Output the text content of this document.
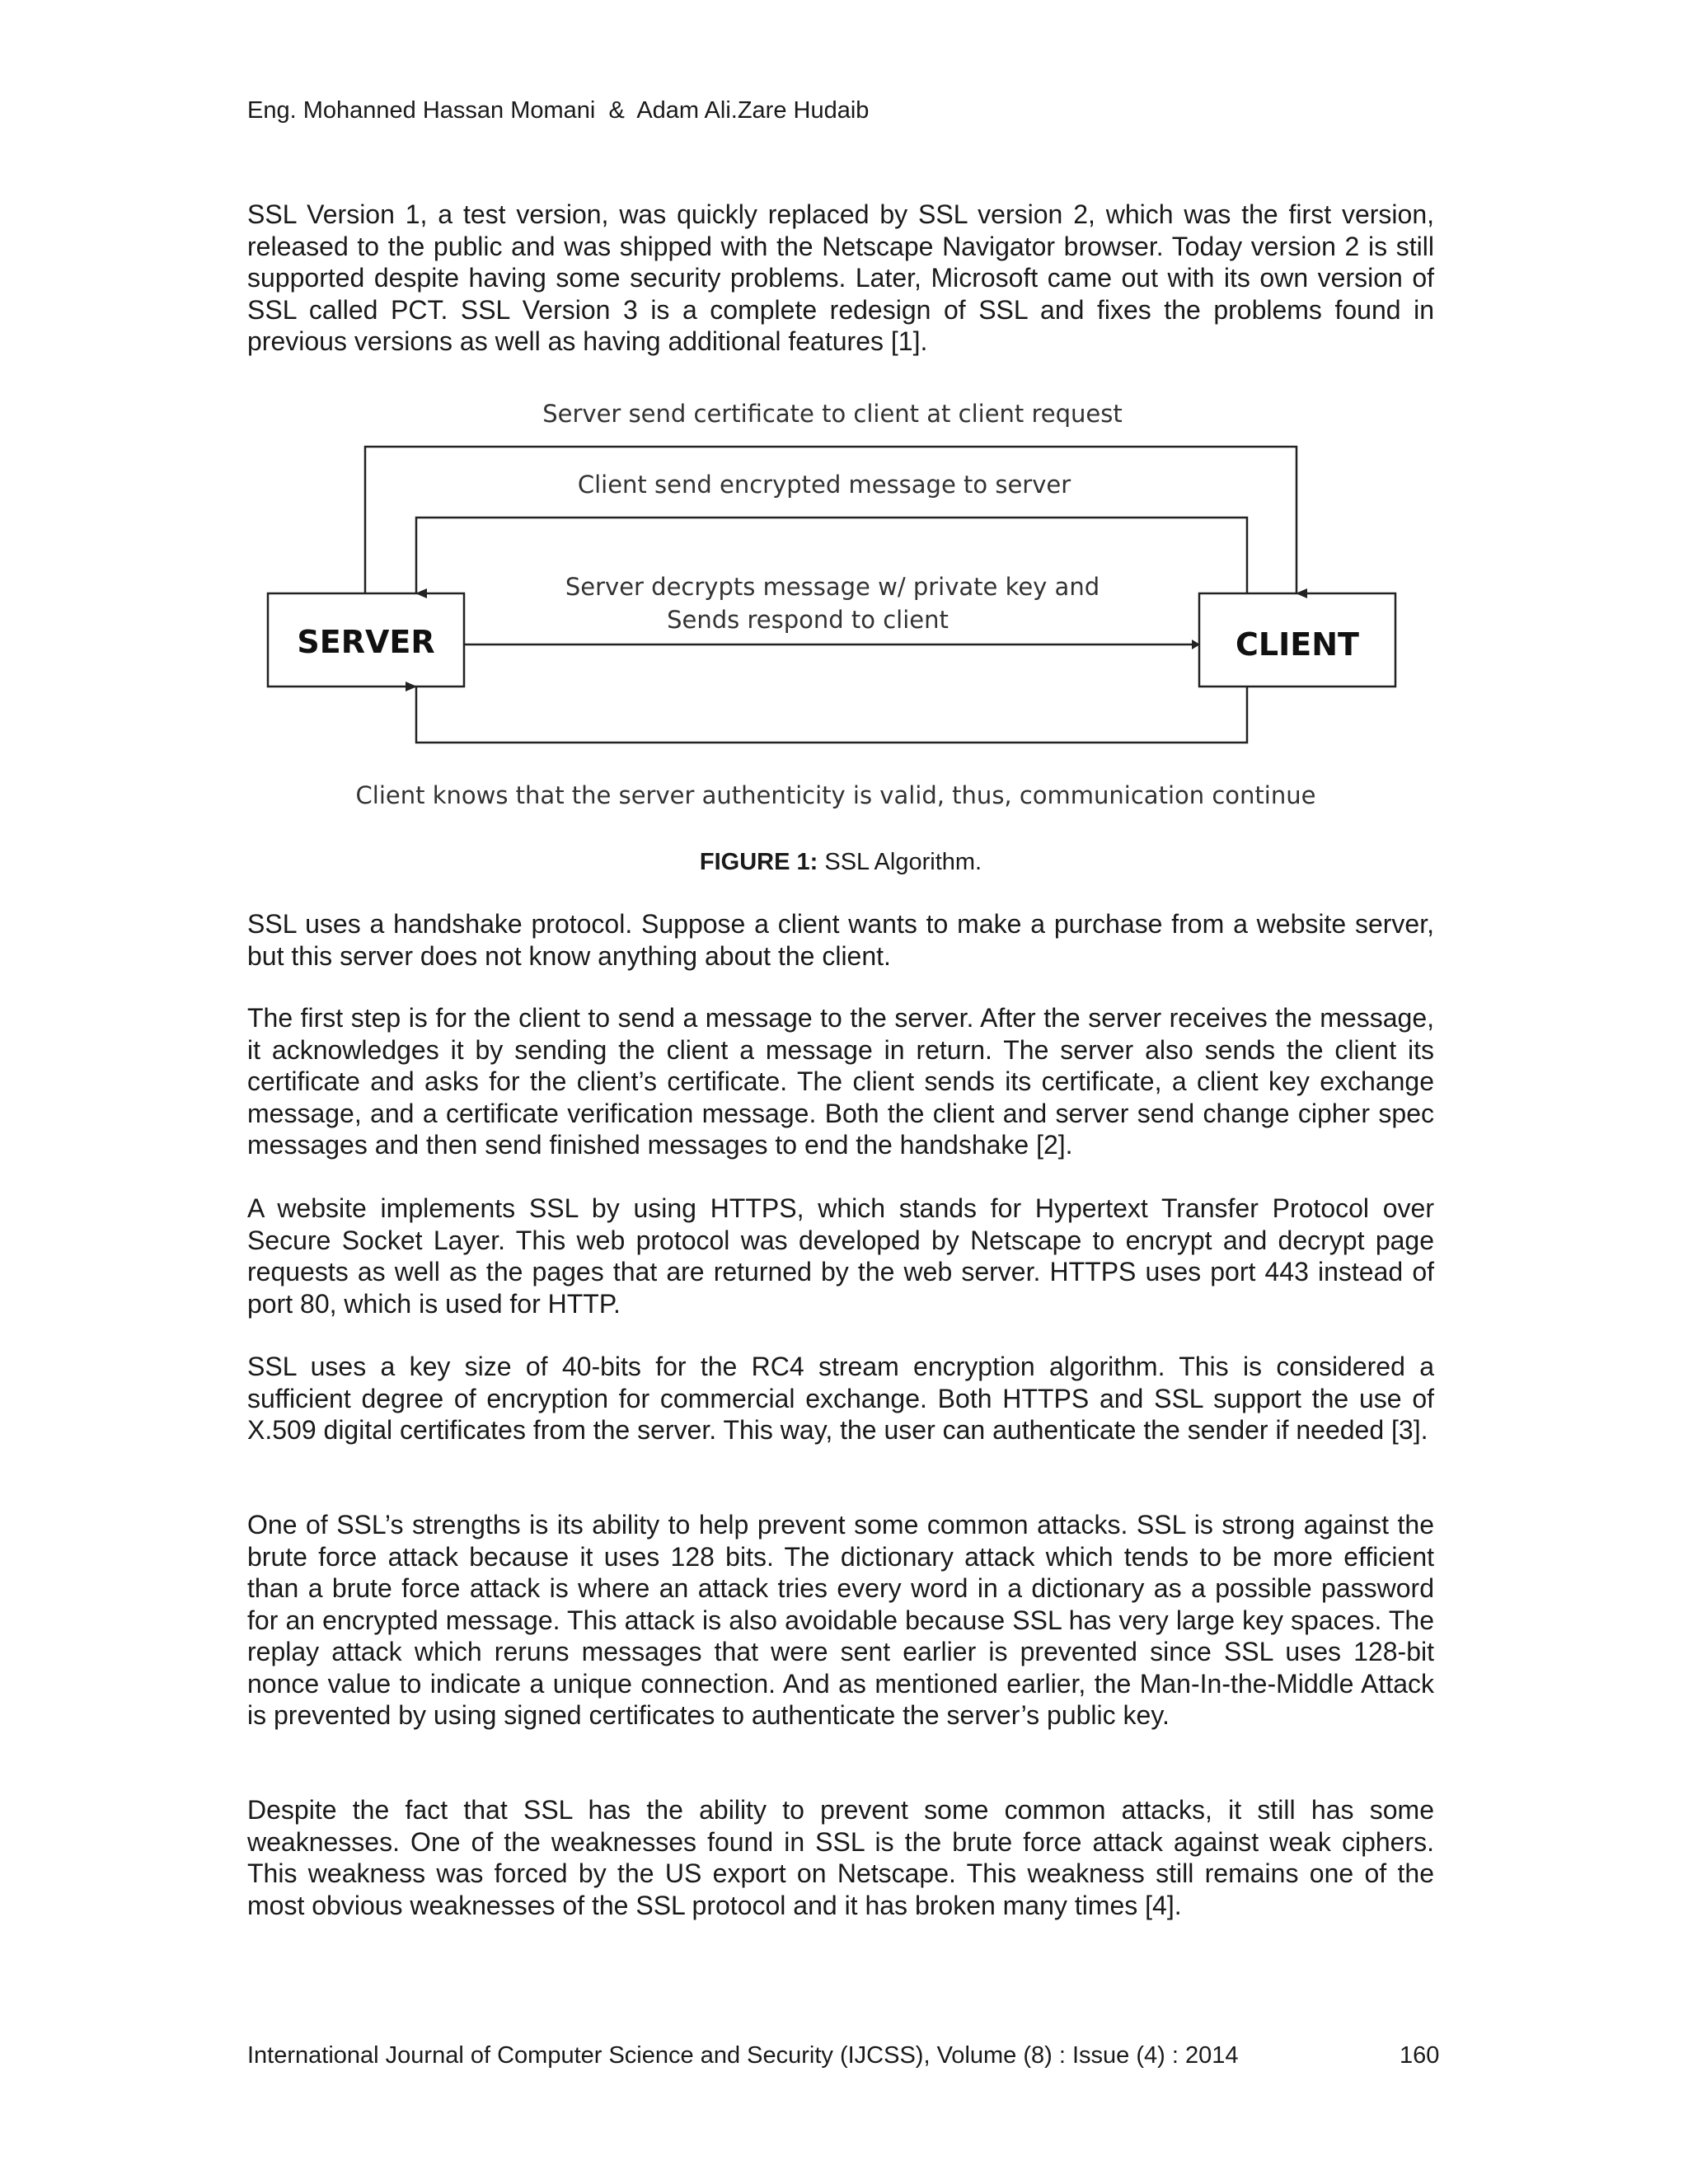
Eng. Mohanned Hassan Momani  &  Adam Ali.Zare Hudaib

SSL Version 1, a test version, was quickly replaced by SSL version 2, which was the first version, released to the public and was shipped with the Netscape Navigator browser. Today version 2 is still supported despite having some security problems. Later, Microsoft came out with its own version of SSL called PCT. SSL Version 3 is a complete redesign of SSL and fixes the problems found in previous versions as well as having additional features [1].

SERVER	CLIENT
Server send certificate to client at client request
Client send encrypted message to server
Server decrypts message w/ private key and
Sends respond to client
Client knows that the server authenticity is valid, thus, communication continue
FIGURE 1: SSL Algorithm.

SSL uses a handshake protocol. Suppose a client wants to make a purchase from a website server, but this server does not know anything about the client.

The first step is for the client to send a message to the server. After the server receives the message, it acknowledges it by sending the client a message in return. The server also sends the client its certificate and asks for the client’s certificate. The client sends its certificate, a client key exchange message, and a certificate verification message. Both the client and server send change cipher spec messages and then send finished messages to end the handshake [2].

A website implements SSL by using HTTPS, which stands for Hypertext Transfer Protocol over Secure Socket Layer. This web protocol was developed by Netscape to encrypt and decrypt page requests as well as the pages that are returned by the web server. HTTPS uses port 443 instead of port 80, which is used for HTTP.

SSL uses a key size of 40-bits for the RC4 stream encryption algorithm. This is considered a sufficient degree of encryption for commercial exchange. Both HTTPS and SSL support the use of X.509 digital certificates from the server. This way, the user can authenticate the sender if needed [3].

One of SSL’s strengths is its ability to help prevent some common attacks. SSL is strong against the brute force attack because it uses 128 bits. The dictionary attack which tends to be more efficient than a brute force attack is where an attack tries every word in a dictionary as a possible password for an encrypted message. This attack is also avoidable because SSL has very large key spaces. The replay attack which reruns messages that were sent earlier is prevented since SSL uses 128-bit nonce value to indicate a unique connection. And as mentioned earlier, the Man-In-the-Middle Attack is prevented by using signed certificates to authenticate the server’s public key.

Despite the fact that SSL has the ability to prevent some common attacks, it still has some weaknesses. One of the weaknesses found in SSL is the brute force attack against weak ciphers. This weakness was forced by the US export on Netscape. This weakness still remains one of the most obvious weaknesses of the SSL protocol and it has broken many times [4].

International Journal of Computer Science and Security (IJCSS), Volume (8) : Issue (4) : 2014	160
